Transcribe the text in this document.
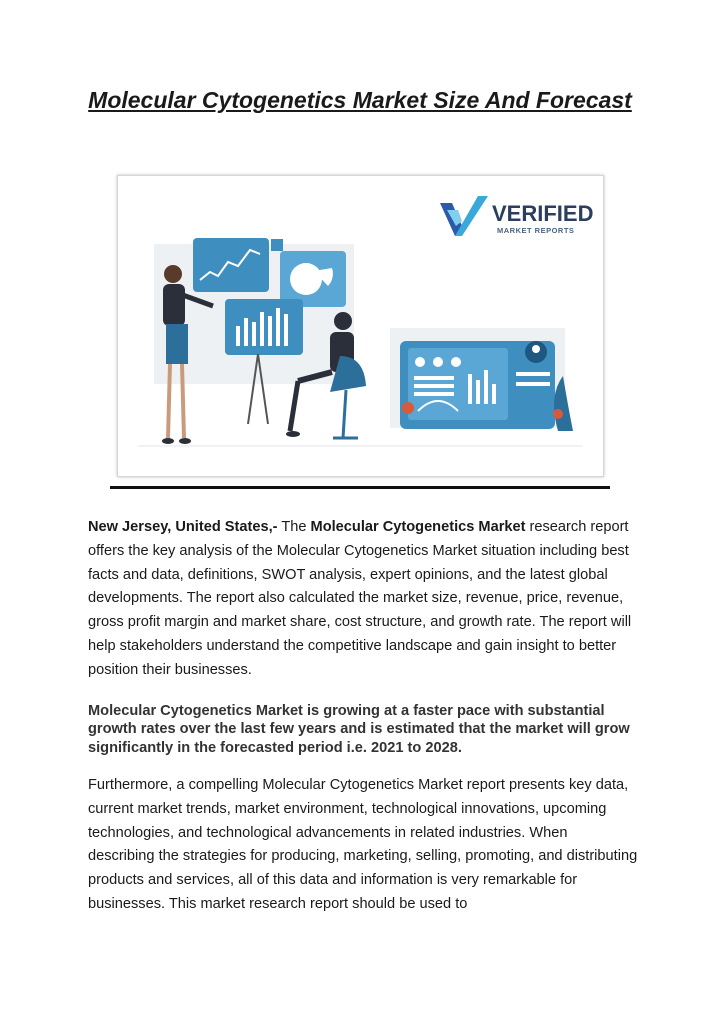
Molecular Cytogenetics Market Size And Forecast
VERIFIED
MARKET REPORTS

New Jersey, United States,- The Molecular Cytogenetics Market research report offers the key analysis of the Molecular Cytogenetics Market situation including best facts and data, definitions, SWOT analysis, expert opinions, and the latest global developments. The report also calculated the market size, revenue, price, revenue, gross profit margin and market share, cost structure, and growth rate. The report will help stakeholders understand the competitive landscape and gain insight to better position their businesses.

Molecular Cytogenetics Market is growing at a faster pace with substantial growth rates over the last few years and is estimated that the market will grow significantly in the forecasted period i.e. 2021 to 2028.

Furthermore, a compelling Molecular Cytogenetics Market report presents key data, current market trends, market environment, technological innovations, upcoming technologies, and technological advancements in related industries. When describing the strategies for producing, marketing, selling, promoting, and distributing products and services, all of this data and information is very remarkable for businesses. This market research report should be used to
